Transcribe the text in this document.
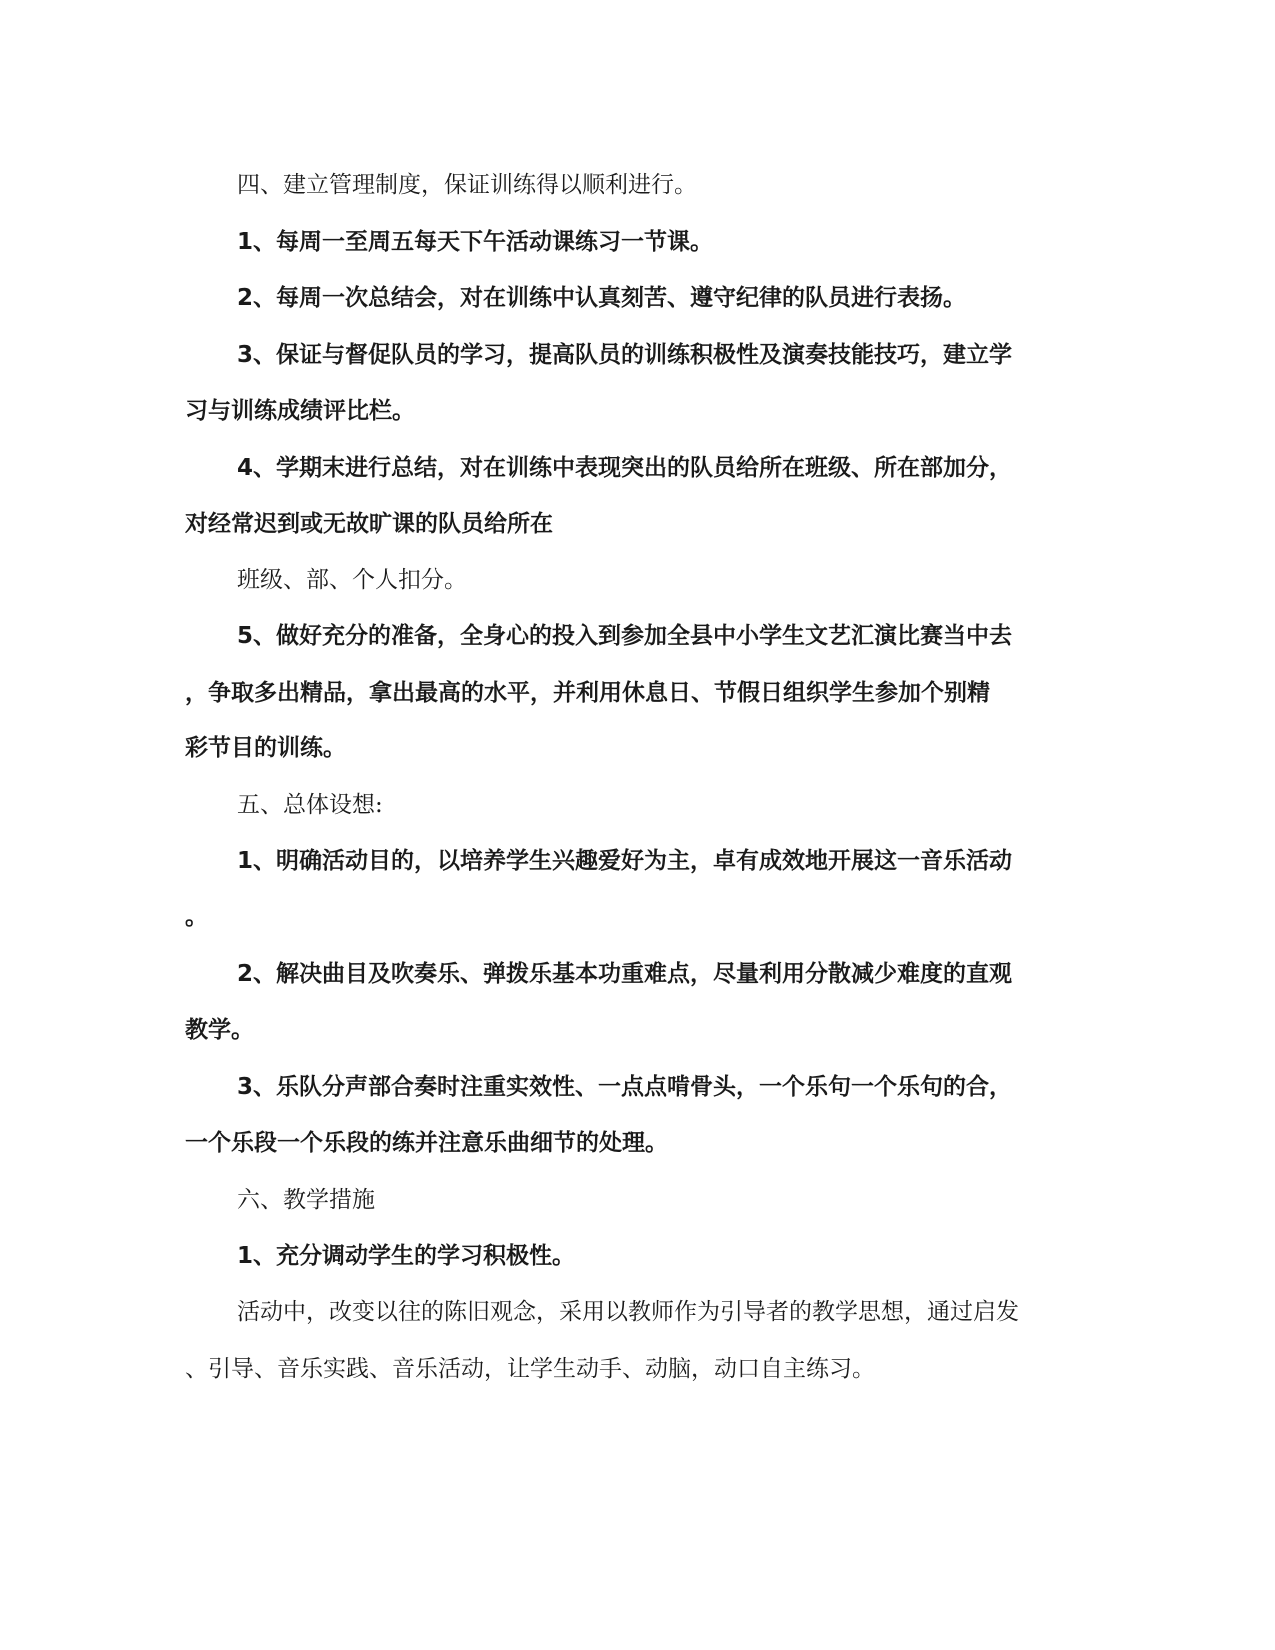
四、建立管理制度，保证训练得以顺利进行。
1、每周一至周五每天下午活动课练习一节课。
2、每周一次总结会，对在训练中认真刻苦、遵守纪律的队员进行表扬。
3、保证与督促队员的学习，提高队员的训练积极性及演奏技能技巧，建立学
习与训练成绩评比栏。
4、学期末进行总结，对在训练中表现突出的队员给所在班级、所在部加分，
对经常迟到或无故旷课的队员给所在
班级、部、个人扣分。
5、做好充分的准备，全身心的投入到参加全县中小学生文艺汇演比赛当中去
，争取多出精品，拿出最高的水平，并利用休息日、节假日组织学生参加个别精
彩节目的训练。
五、总体设想:
1、明确活动目的，以培养学生兴趣爱好为主，卓有成效地开展这一音乐活动
。
2、解决曲目及吹奏乐、弹拨乐基本功重难点，尽量利用分散减少难度的直观
教学。
3、乐队分声部合奏时注重实效性、一点点啃骨头，一个乐句一个乐句的合，
一个乐段一个乐段的练并注意乐曲细节的处理。
六、教学措施
1、充分调动学生的学习积极性。
活动中，改变以往的陈旧观念，采用以教师作为引导者的教学思想，通过启发
、引导、音乐实践、音乐活动，让学生动手、动脑，动口自主练习。
